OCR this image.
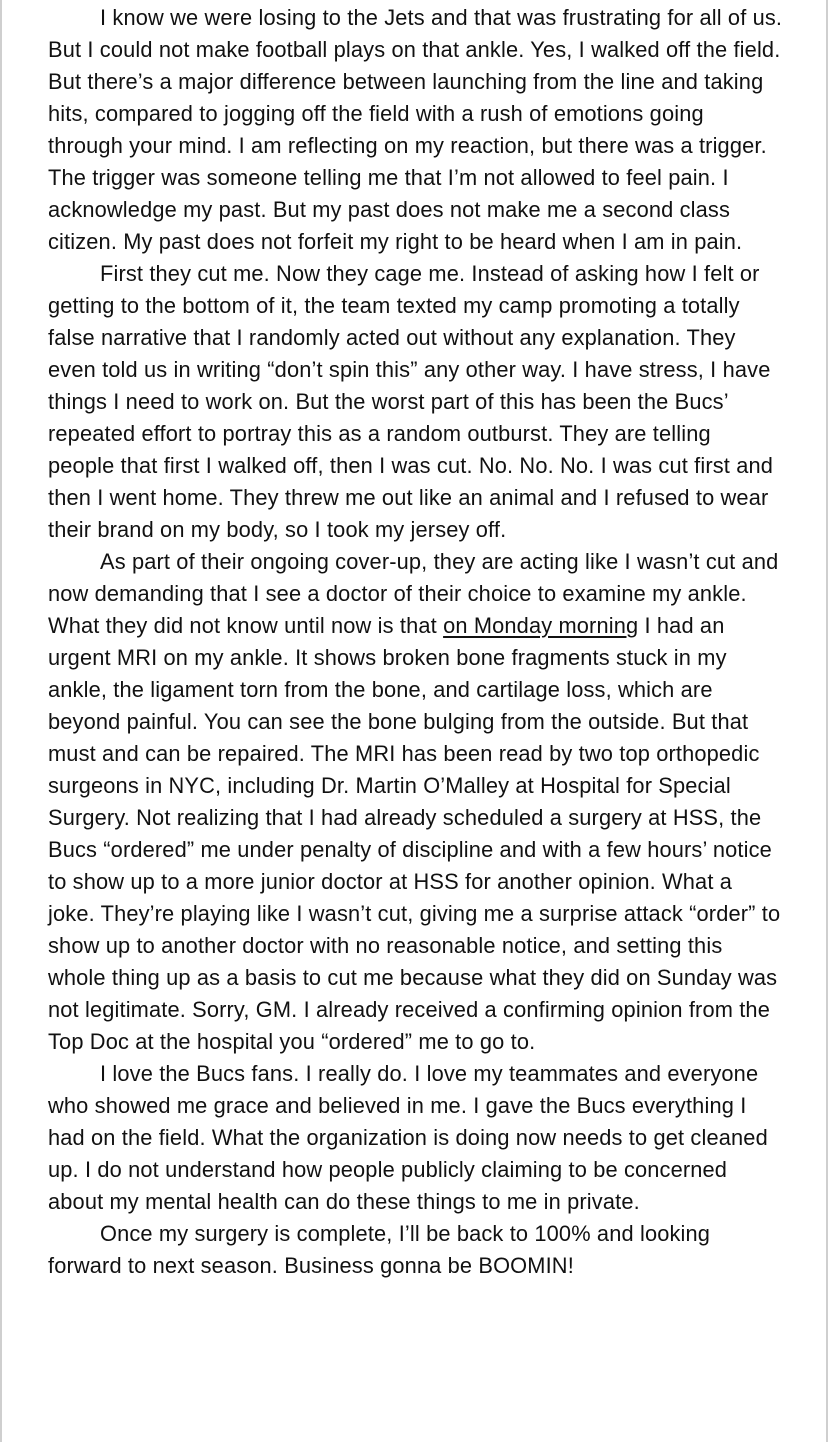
I know we were losing to the Jets and that was frustrating for all of us. But I could not make football plays on that ankle. Yes, I walked off the field. But there’s a major difference between launching from the line and taking hits, compared to jogging off the field with a rush of emotions going through your mind. I am reflecting on my reaction, but there was a trigger. The trigger was someone telling me that I’m not allowed to feel pain. I acknowledge my past. But my past does not make me a second class citizen. My past does not forfeit my right to be heard when I am in pain.

First they cut me. Now they cage me. Instead of asking how I felt or getting to the bottom of it, the team texted my camp promoting a totally false narrative that I randomly acted out without any explanation. They even told us in writing “don’t spin this” any other way. I have stress, I have things I need to work on. But the worst part of this has been the Bucs’ repeated effort to portray this as a random outburst. They are telling people that first I walked off, then I was cut. No. No. No. I was cut first and then I went home. They threw me out like an animal and I refused to wear their brand on my body, so I took my jersey off.

As part of their ongoing cover-up, they are acting like I wasn’t cut and now demanding that I see a doctor of their choice to examine my ankle. What they did not know until now is that on Monday morning I had an urgent MRI on my ankle. It shows broken bone fragments stuck in my ankle, the ligament torn from the bone, and cartilage loss, which are beyond painful. You can see the bone bulging from the outside. But that must and can be repaired. The MRI has been read by two top orthopedic surgeons in NYC, including Dr. Martin O’Malley at Hospital for Special Surgery. Not realizing that I had already scheduled a surgery at HSS, the Bucs “ordered” me under penalty of discipline and with a few hours’ notice to show up to a more junior doctor at HSS for another opinion. What a joke. They’re playing like I wasn’t cut, giving me a surprise attack “order” to show up to another doctor with no reasonable notice, and setting this whole thing up as a basis to cut me because what they did on Sunday was not legitimate. Sorry, GM. I already received a confirming opinion from the Top Doc at the hospital you “ordered” me to go to.

I love the Bucs fans. I really do. I love my teammates and everyone who showed me grace and believed in me. I gave the Bucs everything I had on the field. What the organization is doing now needs to get cleaned up. I do not understand how people publicly claiming to be concerned about my mental health can do these things to me in private.

Once my surgery is complete, I’ll be back to 100% and looking forward to next season. Business gonna be BOOMIN!
